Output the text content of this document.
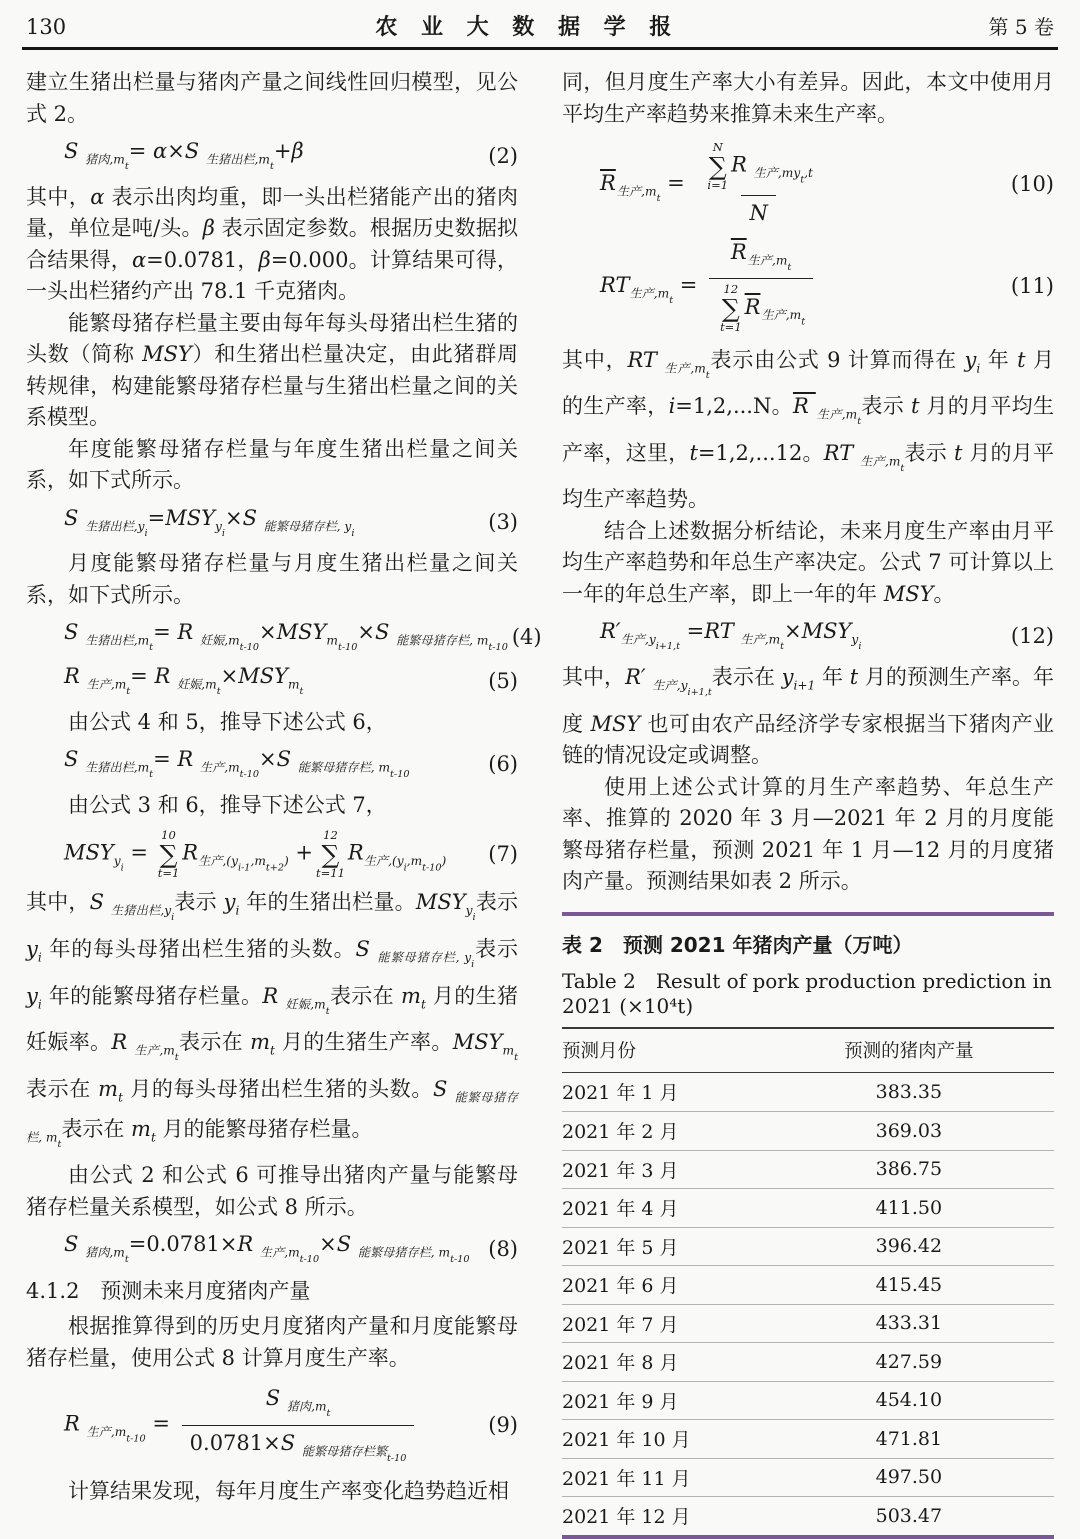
130	农 业 大 数 据 学 报	第 5 卷

建立生猪出栏量与猪肉产量之间线性回归模型，见公式 2。

S $_{猪肉,mt}$= α×S $_{生猪出栏,mt}$+β	(2)

其中，α 表示出肉均重，即一头出栏猪能产出的猪肉量，单位是吨/头。β 表示固定参数。根据历史数据拟合结果得，α=0.0781，β=0.000。计算结果可得，一头出栏猪约产出 78.1 千克猪肉。

能繁母猪存栏量主要由每年每头母猪出栏生猪的头数（简称 MSY）和生猪出栏量决定，由此猪群周转规律，构建能繁母猪存栏量与生猪出栏量之间的关系模型。

年度能繁母猪存栏量与年度生猪出栏量之间关系，如下式所示。

S $_{生猪出栏,yi}=MSY_{yi}\times S$ $_{能繁母猪存栏,}$ $_{yi}$	(3)

月度能繁母猪存栏量与月度生猪出栏量之间关系，如下式所示。

S $_{生猪出栏,mt}$= R $_{妊娠,mt-10}\times MSY_{mt-10}\times S$ $_{能繁母猪存栏,}$ $_{mt-10}$ (4)
R $_{生产,mt}$= R $_{妊娠,mt}\times MSY_{mt}$	(5)

由公式 4 和 5，推导下述公式 6，

S $_{生猪出栏,mt}$= R $_{生产,mt-10}$×S $_{能繁母猪存栏,}$ $_{mt-10}$	(6)

由公式 3 和 6，推导下述公式 7，

$MSY_{yi}$ =
10
∑
t=1
$R_{生产,(yi-1,mt+2)}$ +
12
∑
t=11
$R_{生产,(yi,mt-10)}$	(7)

其中，S $_{生猪出栏,yi}$表示 $y_i$ 年的生猪出栏量。$MSY_{yi}$表示 $y_i$ 年的每头母猪出栏生猪的头数。S $_{能繁母猪存栏,}$ $_{yi}$表示 $y_i$ 年的能繁母猪存栏量。R $_{妊娠,mt}$表示在 $m_t$ 月的生猪妊娠率。R $_{生产,mt}$表示在 $m_t$ 月的生猪生产率。$MSY_{mt}$表示在 $m_t$ 月的每头母猪出栏生猪的头数。S $_{能繁母猪存栏,}$ $_{mt}$表示在 $m_t$ 月的能繁母猪存栏量。

由公式 2 和公式 6 可推导出猪肉产量与能繁母猪存栏量关系模型，如公式 8 所示。

S $_{猪肉,mt}$=0.0781×R $_{生产,mt-10}$×S $_{能繁母猪存栏,}$ $_{mt-10}$ (8)

4.1.2　预测未来月度猪肉产量

根据推算得到的历史月度猪肉产量和月度能繁母猪存栏量，使用公式 8 计算月度生产率。

R $_{生产,mt-10} = \frac{S _{猪肉,mt}}{0.0781\times S _{能繁母猪存栏繁t-10}}$	(9)

计算结果发现，每年月度生产率变化趋势趋近相

同，但月度生产率大小有差异。因此，本文中使用月平均生产率趋势来推算未来生产率。

$\overline{R}_{生产,mt} = N$
∑
i=1
R $_{生产,myt,t}$
N	(10)
$RT_{生产,mt} = \overline{R}_{生产,mt}$
12
∑
t=1
$\overline{R}_{生产,mt}$	(11)

其中，RT $_{生产,mt}$表示由公式 9 计算而得在 $y_i$ 年 t 月的生产率，i=1,2,...N。R $_{生产,mt}$表示 t 月的月平均生产率，这里，t=1,2,...12。RT $_{生产,mt}$表示 t 月的月平均生产率趋势。

结合上述数据分析结论，未来月度生产率由月平均生产率趋势和年总生产率决定。公式 7 可计算以上一年的年总生产率，即上一年的年 MSY。

$R'_{生产,yi+1,t} =RT$ $_{生产,mt}\times MSY_{yi}$	(12)

其中，R′ $_{生产,yi+1,t}$表示在 $y_{i+1}$ 年 t 月的预测生产率。年度 MSY 也可由农产品经济学专家根据当下猪肉产业链的情况设定或调整。

使用上述公式计算的月生产率趋势、年总生产率、推算的 2020 年 3 月—2021 年 2 月的月度能繁母猪存栏量，预测 2021 年 1 月—12 月的月度猪肉产量。预测结果如表 2 所示。

表 2　预测 2021 年猪肉产量（万吨）

Table 2　Result of pork production prediction in 2021 (×10⁴t)

预测月份	预测的猪肉产量
2021 年 1 月	383.35
2021 年 2 月	369.03
2021 年 3 月	386.75
2021 年 4 月	411.50
2021 年 5 月	396.42
2021 年 6 月	415.45
2021 年 7 月	433.31
2021 年 8 月	427.59
2021 年 9 月	454.10
2021 年 10 月	471.81
2021 年 11 月	497.50
2021 年 12 月	503.47
